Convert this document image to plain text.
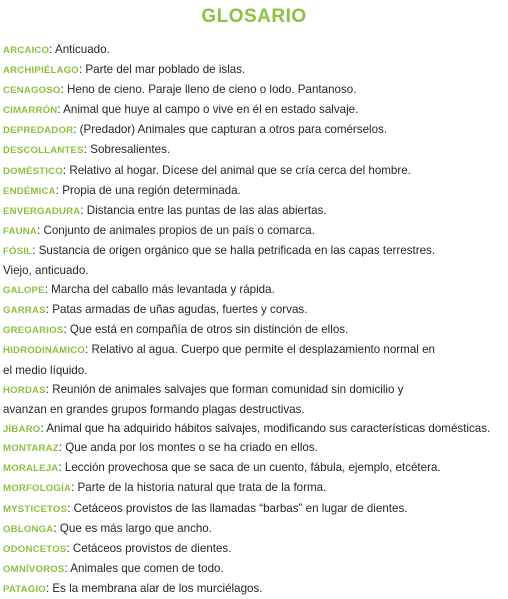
GLOSARIO
ARCAICO: Anticuado.
ARCHIPIÉLAGO: Parte del mar poblado de islas.
CENAGOSO: Heno de cieno. Paraje lleno de cieno o lodo. Pantanoso.
CIMARRÓN: Animal que huye al campo o vive en él en estado salvaje.
DEPREDADOR: (Predador) Animales que capturan a otros para comérselos.
DESCOLLANTES: Sobresalientes.
DOMÉSTICO: Relativo al hogar. Dícese del animal que se cría cerca del hombre.
ENDÉMICA: Propia de una región determinada.
ENVERGADURA: Distancia entre las puntas de las alas abiertas.
FAUNA: Conjunto de animales propios de un país o comarca.
FÓSIL: Sustancia de origen orgánico que se halla petrificada en las capas terrestres.
Viejo, anticuado.
GALOPE: Marcha del caballo más levantada y rápida.
GARRAS: Patas armadas de uñas agudas, fuertes y corvas.
GREGARIOS: Que está en compañía de otros sin distinción de ellos.
HIDRODINÁMICO: Relativo al agua. Cuerpo que permite el desplazamiento normal en
el medio líquido.
HORDAS: Reunión de animales salvajes que forman comunidad sin domicilio y
avanzan en grandes grupos formando plagas destructivas.
JÍBARO: Animal que ha adquirido hábitos salvajes, modificando sus características domésticas.
MONTARAZ: Que anda por los montes o se ha criado en ellos.
MORALEJA: Lección provechosa que se saca de un cuento, fábula, ejemplo, etcétera.
MORFOLOGÍA: Parte de la historia natural que trata de la forma.
MYSTICETOS: Cetáceos provistos de las llamadas “barbas” en lugar de dientes.
OBLONGA: Que es más largo que ancho.
ODONCETOS: Cetáceos provistos de dientes.
OMNÍVOROS: Animales que comen de todo.
PATAGIO: Es la membrana alar de los murciélagos.
